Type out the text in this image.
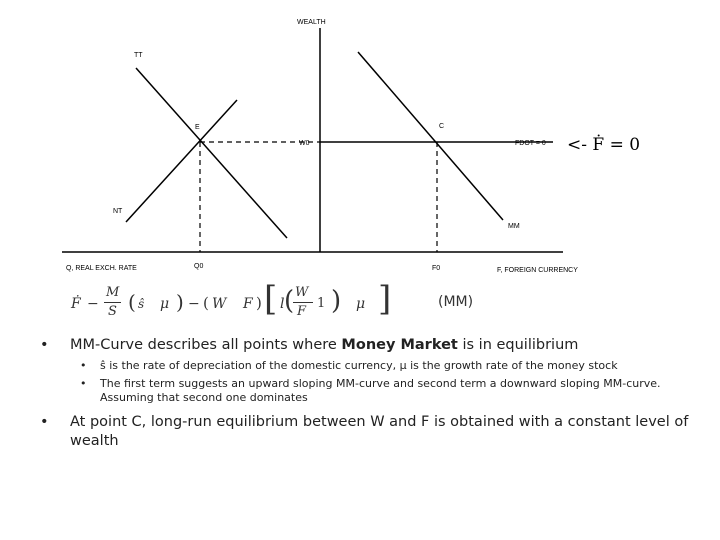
WEALTH
TT
NT
E	C
W0	FDOT = 0
MM
Q, REAL EXCH. RATE	Q0	F0	F, FOREIGN CURRENCY
<- Ḟ = 0
Ḟ −
M
S ( ŝ μ ) − ( W F ) [ l ( W
F
1 ) μ ]	(MM)
• MM-Curve describes all points where Money Market is in equilibrium
• ŝ is the rate of depreciation of the domestic currency, μ is the growth rate of the money stock
• The first term suggests an upward sloping MM-curve and second term a downward sloping MM-curve. Assuming that second one dominates
• At point C, long-run equilibrium between W and F is obtained with a constant level of wealth
